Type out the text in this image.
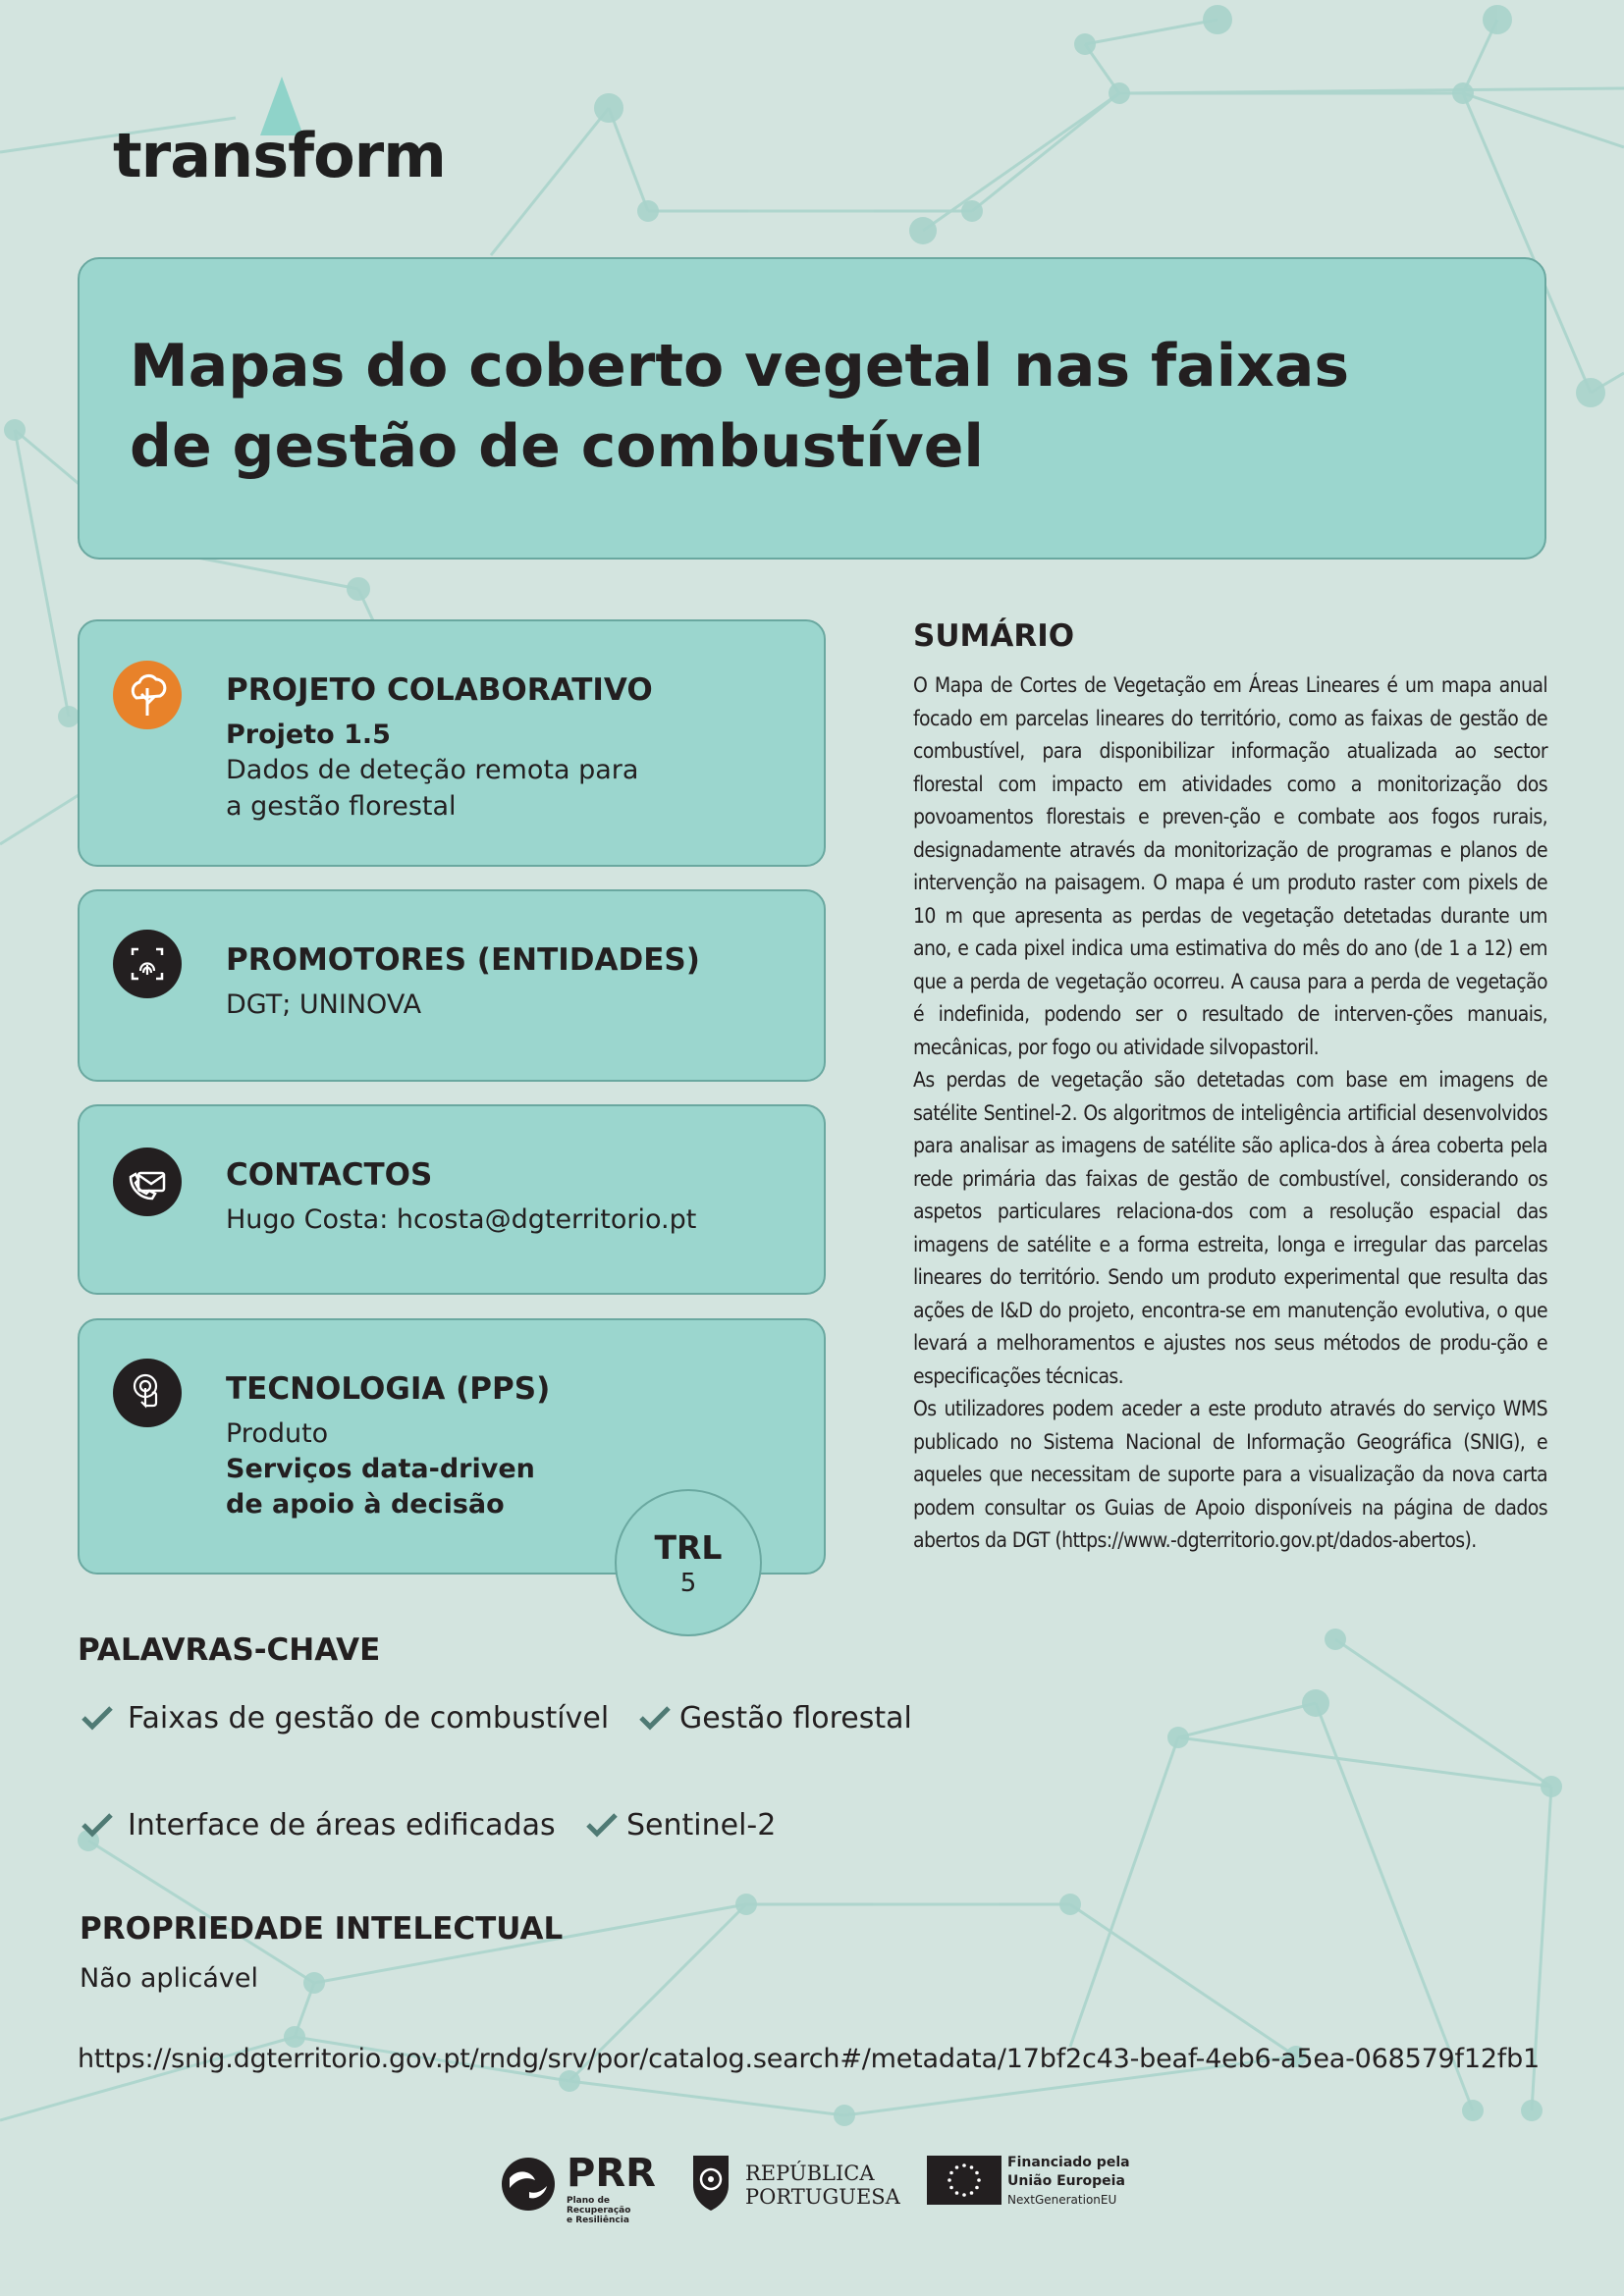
transform
Mapas do coberto vegetal nas faixas
de gestão de combustível
PROJETO COLABORATIVO
Projeto 1.5
Dados de deteção remota para
a gestão florestal
PROMOTORES (ENTIDADES)
DGT; UNINOVA
CONTACTOS
Hugo Costa: hcosta@dgterritorio.pt
TECNOLOGIA (PPS)
Produto
Serviços data-driven
de apoio à decisão
TRL
5
SUMÁRIO

O Mapa de Cortes de Vegetação em Áreas Lineares é um mapa anual focado em parcelas lineares do território, como as faixas de gestão de combustível, para disponibilizar informação atualizada ao sector florestal com impacto em atividades como a monitorização dos povoamentos florestais e preven-ção e combate aos fogos rurais, designadamente através da monitorização de programas e planos de intervenção na paisagem. O mapa é um produto raster com pixels de 10 m que apresenta as perdas de vegetação detetadas durante um ano, e cada pixel indica uma estimativa do mês do ano (de 1 a 12) em que a perda de vegetação ocorreu. A causa para a perda de vegetação é indefinida, podendo ser o resultado de interven-ções manuais, mecânicas, por fogo ou atividade silvopastoril.

As perdas de vegetação são detetadas com base em imagens de satélite Sentinel-2. Os algoritmos de inteligência artificial desenvolvidos para analisar as imagens de satélite são aplica-dos à área coberta pela rede primária das faixas de gestão de combustível, considerando os aspetos particulares relaciona-dos com a resolução espacial das imagens de satélite e a forma estreita, longa e irregular das parcelas lineares do território. Sendo um produto experimental que resulta das ações de I&D do projeto, encontra-se em manutenção evolutiva, o que levará a melhoramentos e ajustes nos seus métodos de produ-ção e especificações técnicas.

Os utilizadores podem aceder a este produto através do serviço WMS publicado no Sistema Nacional de Informação Geográfica (SNIG), e aqueles que necessitam de suporte para a visualização da nova carta podem consultar os Guias de Apoio disponíveis na página de dados abertos da DGT (https://www.-dgterritorio.gov.pt/dados-abertos).

PALAVRAS-CHAVE
Faixas de gestão de combustível	Gestão florestal
Interface de áreas edificadas	Sentinel-2
PROPRIEDADE INTELECTUAL
Não aplicável
https://snig.dgterritorio.gov.pt/rndg/srv/por/catalog.search#/metadata/17bf2c43-beaf-4eb6-a5ea-068579f12fb1
PRR
Plano de Recuperação
e Resiliência
REPÚBLICA
PORTUGUESA
Financiado pela
União Europeia
NextGenerationEU
